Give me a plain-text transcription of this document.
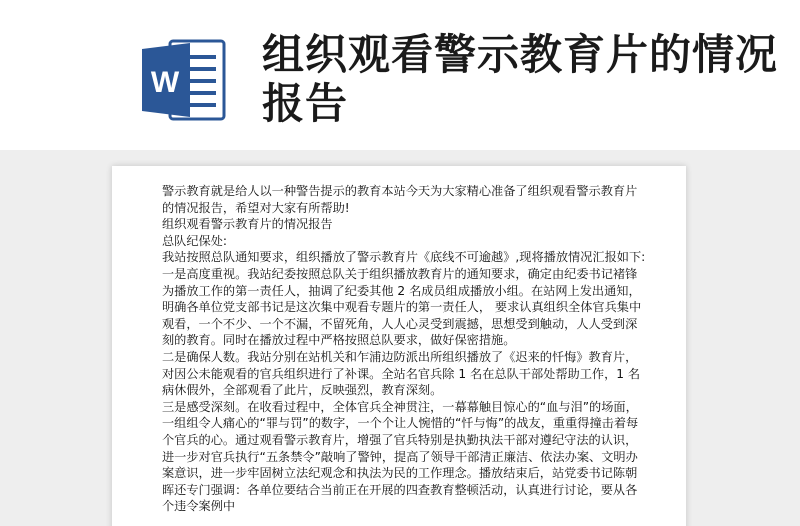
W
组织观看警示教育片的情况报告

警示教育就是给人以一种警告提示的教育本站今天为大家精心准备了组织观看警示教育片的情况报告，希望对大家有所帮助!

组织观看警示教育片的情况报告

总队纪保处:

我站按照总队通知要求，组织播放了警示教育片《底线不可逾越》,现将播放情况汇报如下:

一是高度重视。我站纪委按照总队关于组织播放教育片的通知要求，确定由纪委书记褚锋为播放工作的第一责任人，抽调了纪委其他 2 名成员组成播放小组。在站网上发出通知，明确各单位党支部书记是这次集中观看专题片的第一责任人， 要求认真组织全体官兵集中观看，一个不少、一个不漏，不留死角，人人心灵受到震撼，思想受到触动，人人受到深刻的教育。同时在播放过程中严格按照总队要求，做好保密措施。

二是确保人数。我站分别在站机关和乍浦边防派出所组织播放了《迟来的忏悔》教育片，对因公未能观看的官兵组织进行了补课。全站名官兵除 1 名在总队干部处帮助工作，1 名病休假外，全部观看了此片，反映强烈，教育深刻。

三是感受深刻。在收看过程中，全体官兵全神贯注，一幕幕触目惊心的“血与泪”的场面，一组组令人痛心的“罪与罚”的数字，一个个让人惋惜的“忏与悔”的战友，重重得撞击着每个官兵的心。通过观看警示教育片，增强了官兵特别是执勤执法干部对遵纪守法的认识，进一步对官兵执行“五条禁令”敲响了警钟，提高了领导干部清正廉洁、依法办案、文明办案意识，进一步牢固树立法纪观念和执法为民的工作理念。播放结束后，站党委书记陈朝晖还专门强调：各单位要结合当前正在开展的四查教育整顿活动，认真进行讨论，要从各个违令案例中
